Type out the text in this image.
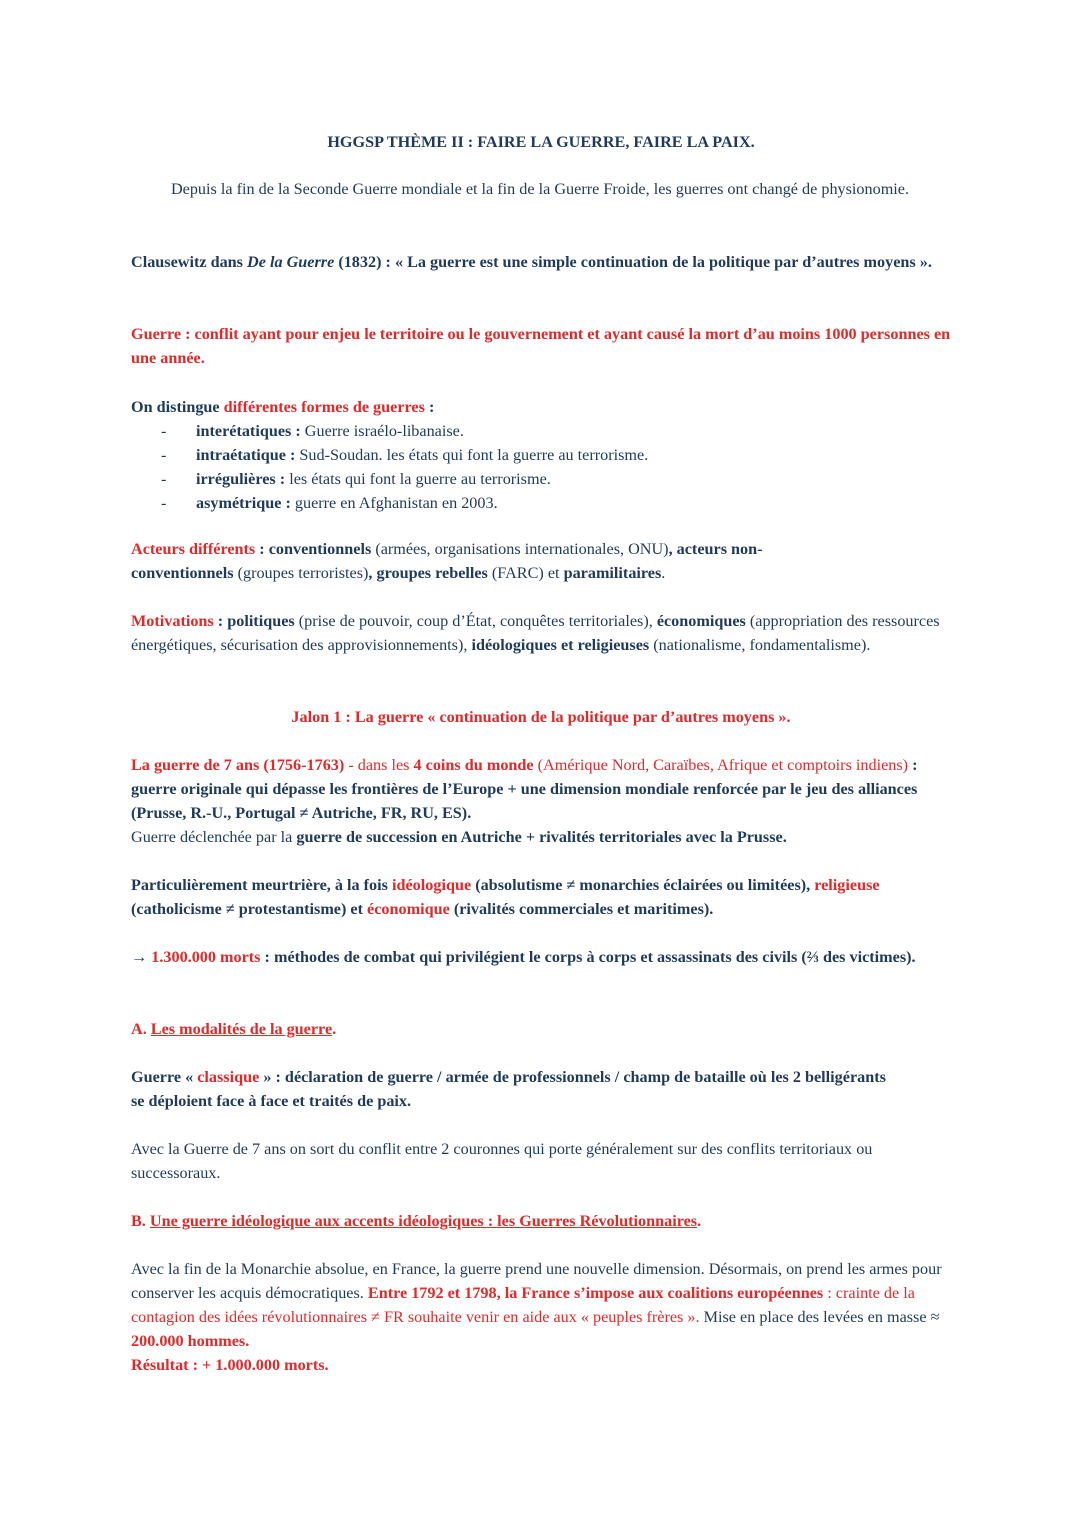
HGGSP THÈME II : FAIRE LA GUERRE, FAIRE LA PAIX.
Depuis la fin de la Seconde Guerre mondiale et la fin de la Guerre Froide, les guerres ont changé de physionomie.
Clausewitz dans De la Guerre (1832) : « La guerre est une simple continuation de la politique par d’autres moyens ».
Guerre : conflit ayant pour enjeu le territoire ou le gouvernement et ayant causé la mort d’au moins 1000 personnes en une année.
On distingue différentes formes de guerres :
- interétatiques : Guerre israélo-libanaise.
- intraétatique : Sud-Soudan. les états qui font la guerre au terrorisme.
- irrégulières : les états qui font la guerre au terrorisme.
- asymétrique : guerre en Afghanistan en 2003.
Acteurs différents : conventionnels (armées, organisations internationales, ONU), acteurs non-conventionnels (groupes terroristes), groupes rebelles (FARC) et paramilitaires.
Motivations : politiques (prise de pouvoir, coup d’État, conquêtes territoriales), économiques (appropriation des ressources énergétiques, sécurisation des approvisionnements), idéologiques et religieuses (nationalisme, fondamentalisme).
Jalon 1 : La guerre « continuation de la politique par d’autres moyens ».
La guerre de 7 ans (1756-1763) - dans les 4 coins du monde (Amérique Nord, Caraïbes, Afrique et comptoirs indiens) : guerre originale qui dépasse les frontières de l’Europe + une dimension mondiale renforcée par le jeu des alliances (Prusse, R.-U., Portugal ≠ Autriche, FR, RU, ES).
Guerre déclenchée par la guerre de succession en Autriche + rivalités territoriales avec la Prusse.
Particulièrement meurtrière, à la fois idéologique (absolutisme ≠ monarchies éclairées ou limitées), religieuse (catholicisme ≠ protestantisme) et économique (rivalités commerciales et maritimes).
→ 1.300.000 morts : méthodes de combat qui privilégient le corps à corps et assassinats des civils (⅔ des victimes).
A. Les modalités de la guerre.
Guerre « classique » : déclaration de guerre / armée de professionnels / champ de bataille où les 2 belligérants se déploient face à face et traités de paix.
Avec la Guerre de 7 ans on sort du conflit entre 2 couronnes qui porte généralement sur des conflits territoriaux ou successoraux.
B. Une guerre idéologique aux accents idéologiques : les Guerres Révolutionnaires.
Avec la fin de la Monarchie absolue, en France, la guerre prend une nouvelle dimension. Désormais, on prend les armes pour conserver les acquis démocratiques. Entre 1792 et 1798, la France s’impose aux coalitions européennes : crainte de la contagion des idées révolutionnaires ≠ FR souhaite venir en aide aux « peuples frères ». Mise en place des levées en masse ≈ 200.000 hommes.
Résultat : + 1.000.000 morts.
